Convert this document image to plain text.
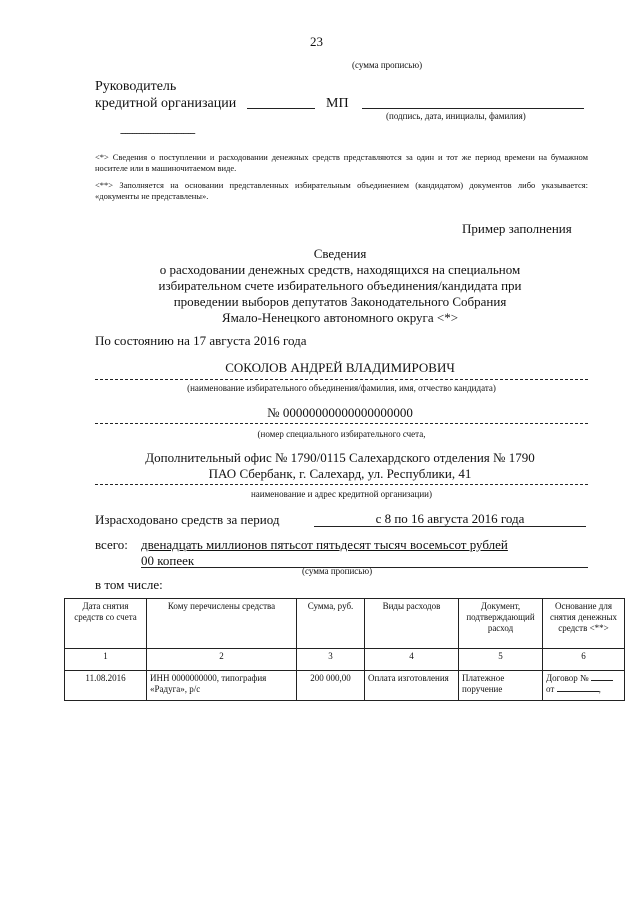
23
(сумма прописью)
Руководитель
кредитной организации	МП
(подпись, дата, инициалы, фамилия)
--------------------------------
<*> Сведения о поступлении и расходовании денежных средств представляются за один и тот же период времени на бумажном носителе или в машиночитаемом виде.
<**> Заполняется на основании представленных избирательным объединением (кандидатом) документов либо указывается: «документы не представлены».
Пример заполнения
Сведения
о расходовании денежных средств, находящихся на специальном
избирательном счете избирательного объединения/кандидата при
проведении выборов депутатов Законодательного Собрания
Ямало-Ненецкого автономного округа <*>
По состоянию на 17 августа 2016 года
СОКОЛОВ АНДРЕЙ ВЛАДИМИРОВИЧ
(наименование избирательного объединения/фамилия, имя, отчество кандидата)
№ 00000000000000000000
(номер специального избирательного счета,
Дополнительный офис № 1790/0115 Салехардского отделения № 1790
ПАО Сбербанк, г. Салехард, ул. Республики, 41
наименование и адрес кредитной организации)
Израсходовано средств за период	с 8 по 16 августа 2016 года
всего: двенадцать миллионов пятьсот пятьдесят тысяч восемьсот рублей
00 копеек
(сумма прописью)
в том числе:
Дата снятия средств со счета	Кому перечислены средства	Сумма, руб.	Виды расходов	Документ, подтверждающий расход	Основание для снятия денежных средств <**>
1	2	3	4	5	6
11.08.2016	ИНН 0000000000, типография «Радуга», р/с	200 000,00	Оплата изготовления	Платежное поручение	Договор №
от ,
